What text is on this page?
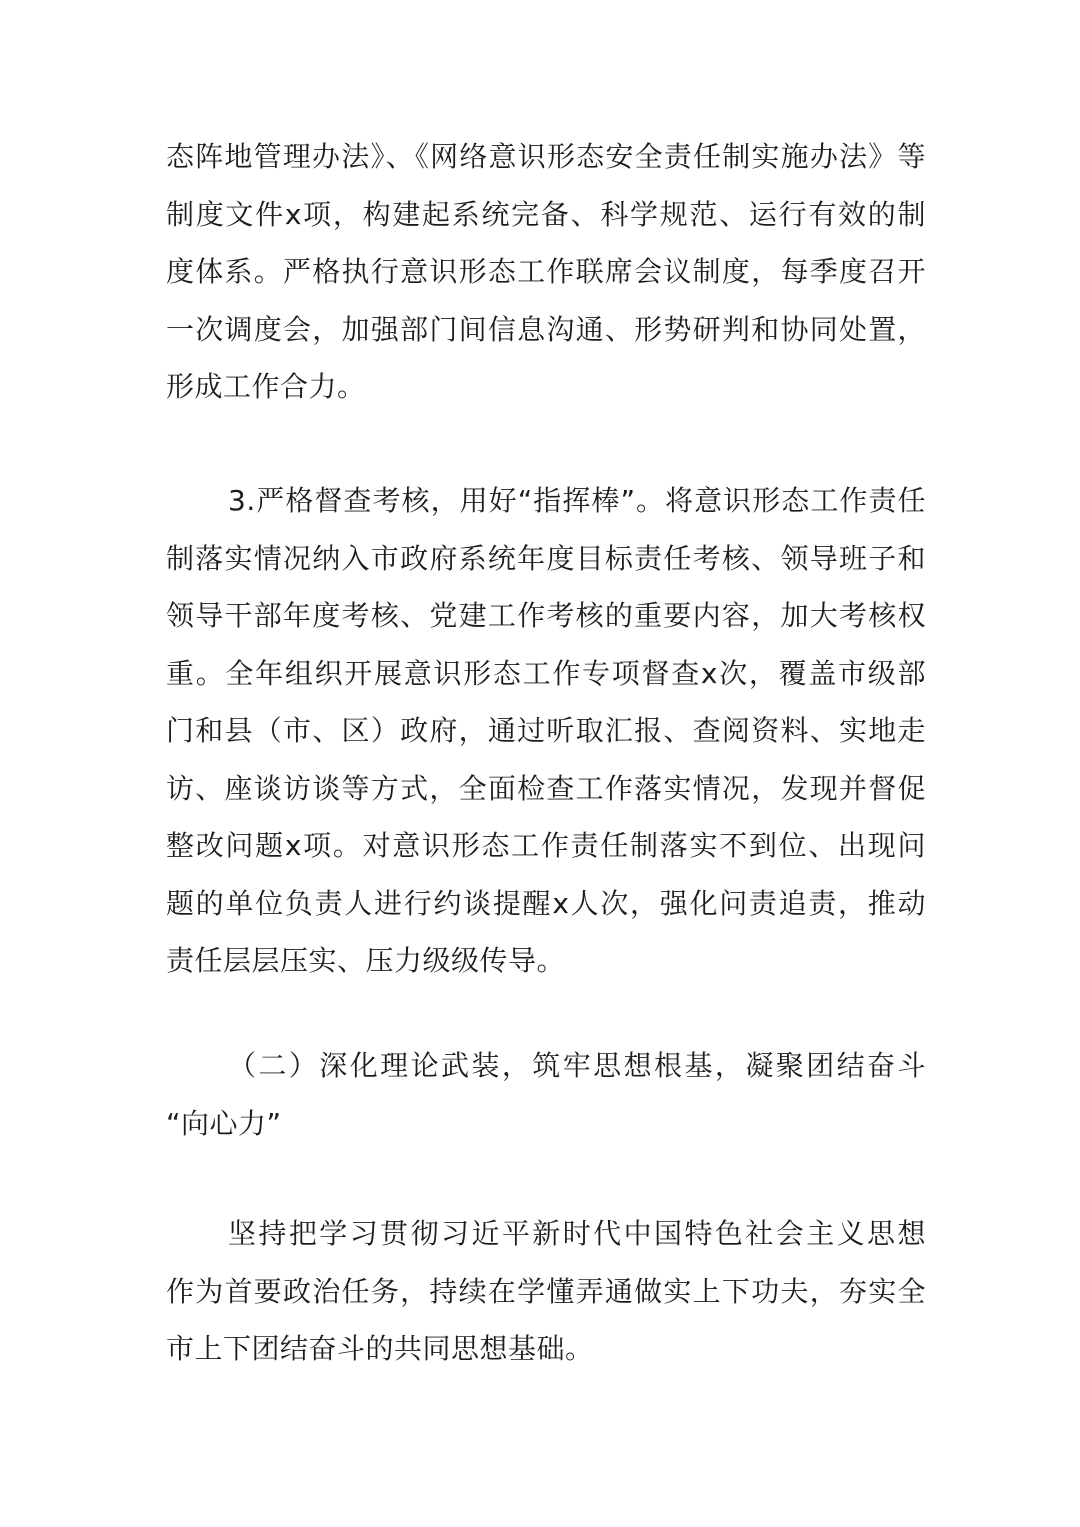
态阵地管理办法》、《网络意识形态安全责任制实施办法》等
制度文件x项，构建起系统完备、科学规范、运行有效的制
度体系。严格执行意识形态工作联席会议制度，每季度召开
一次调度会，加强部门间信息沟通、形势研判和协同处置，
形成工作合力。
3.严格督查考核，用好“指挥棒”。将意识形态工作责任
制落实情况纳入市政府系统年度目标责任考核、领导班子和
领导干部年度考核、党建工作考核的重要内容，加大考核权
重。全年组织开展意识形态工作专项督查x次，覆盖市级部
门和县（市、区）政府，通过听取汇报、查阅资料、实地走
访、座谈访谈等方式，全面检查工作落实情况，发现并督促
整改问题x项。对意识形态工作责任制落实不到位、出现问
题的单位负责人进行约谈提醒x人次，强化问责追责，推动
责任层层压实、压力级级传导。
（二）深化理论武装，筑牢思想根基，凝聚团结奋斗
“向心力”
坚持把学习贯彻习近平新时代中国特色社会主义思想
作为首要政治任务，持续在学懂弄通做实上下功夫，夯实全
市上下团结奋斗的共同思想基础。
